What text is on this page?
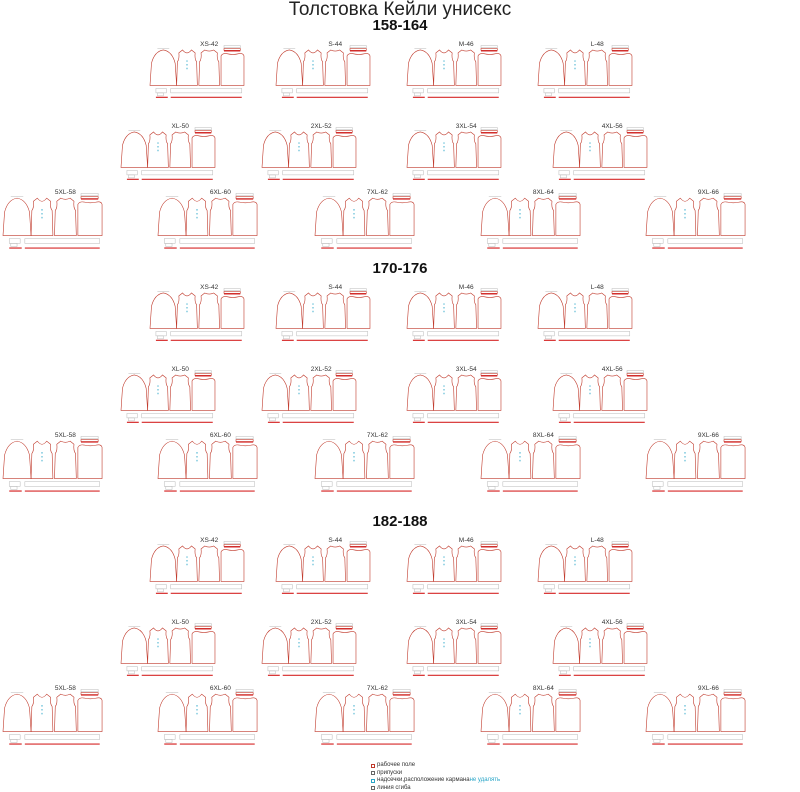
Толстовка Кейли унисекс
158-164
170-176
182-188
XS-42	S-44	M-46	L-48
XL-50	2XL-52	3XL-54	4XL-56
5XL-58	6XL-60	7XL-62	8XL-64	9XL-66
XS-42	S-44	M-46	L-48
XL-50	2XL-52	3XL-54	4XL-56
5XL-58	6XL-60	7XL-62	8XL-64	9XL-66
XS-42	S-44	M-46	L-48
XL-50	2XL-52	3XL-54	4XL-56
5XL-58	6XL-60	7XL-62	8XL-64	9XL-66
рабочее поле
припуски
надсечки,расположение кармана не удалять
линия сгиба
